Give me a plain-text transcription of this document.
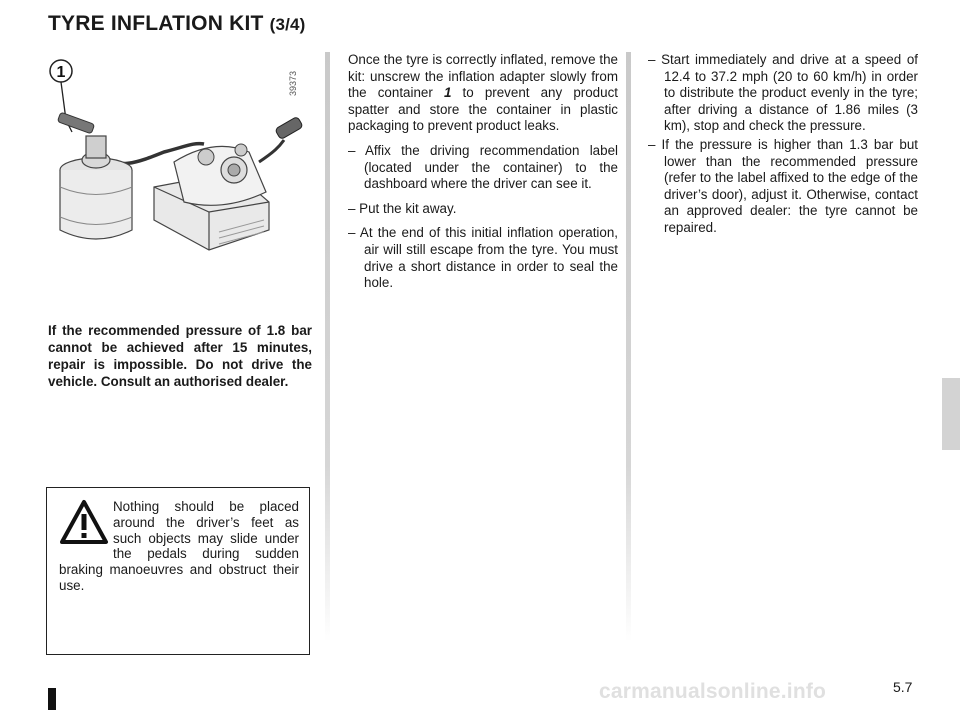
TYRE INFLATION KIT (3/4)
1	39373
If the recommended pressure of 1.8 bar cannot be achieved after 15 minutes, repair is impossible. Do not drive the vehicle. Consult an authorised dealer.
Nothing should be placed around the driver’s feet as such objects may slide under the pedals during sudden braking manoeuvres and obstruct their use.

Once the tyre is correctly inflated, remove the kit: unscrew the inflation adapter slowly from the container 1 to prevent any product spatter and store the container in plastic packaging to prevent product leaks.

– Affix the driving recommendation label (located under the container) to the dashboard where the driver can see it.
– Put the kit away.
– At the end of this initial inflation operation, air will still escape from the tyre. You must drive a short distance in order to seal the hole.
– Start immediately and drive at a speed of 12.4 to 37.2 mph (20 to 60 km/h) in order to distribute the product evenly in the tyre; after driving a distance of 1.86 miles (3 km), stop and check the pressure.
– If the pressure is higher than 1.3 bar but lower than the recommended pressure (refer to the label affixed to the edge of the driver’s door), adjust it. Otherwise, contact an approved dealer: the tyre cannot be repaired.
5.7
carmanualsonline.info
